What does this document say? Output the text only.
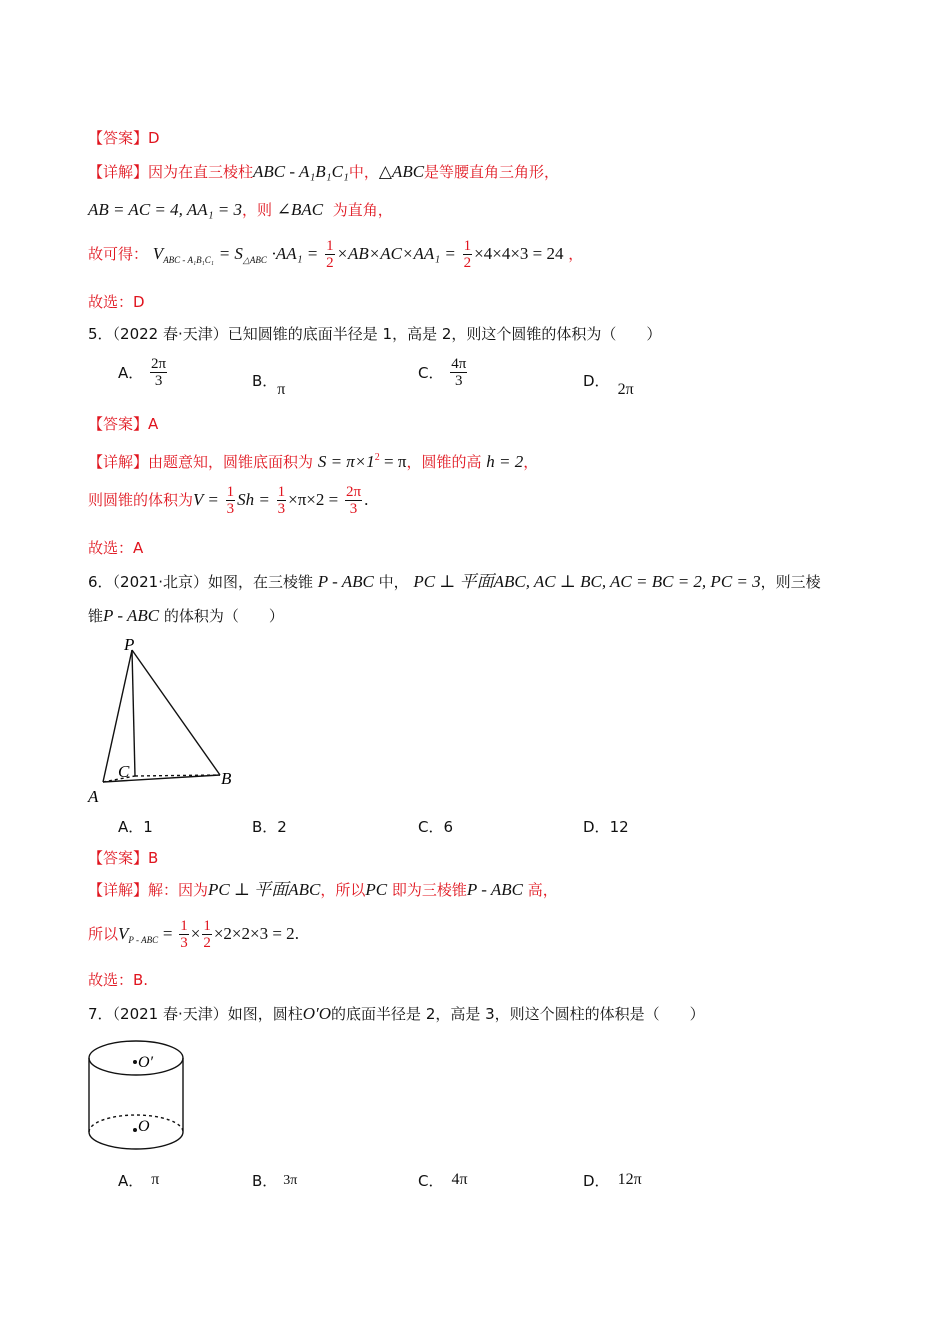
【答案】D
【详解】因为在直三棱柱ABC - A₁B₁C₁中，△ABC是等腰直角三角形，
AB = AC = 4, AA₁ = 3，则 ∠BAC 为直角，
故可得： $V_{ABC - A_1B_1C_1} = S_{\triangle ABC} \cdot AA_1 = \frac{1}{2} \times AB\times AC\times AA_1 = \frac{1}{2} \times 4\times 4\times 3 = 24$ ，
故选：D
5．（2022 春·天津）已知圆锥的底面半径是 1，高是 2，则这个圆锥的体积为（　　）
A． $\frac{2\pi}{3}$	B．π
C． $\frac{4\pi}{3}$	D． 2π
【答案】A
【详解】由题意知，圆锥底面积为 $S = \pi\times 1^2 = \pi$，圆锥的高 h = 2，
则圆锥的体积为$V = \frac{1}{3}$ $Sh = \frac{1}{3} \times\pi\times 2 = \frac{2\pi}{3}$ .
故选：A
6．（2021·北京）如图，在三棱锥 P - ABC 中， PC ⊥ 平面ABC, AC ⊥ BC, AC = BC = 2, PC = 3，则三棱
锥P - ABC 的体积为（　　）
P
A
B
C
A．1	B．2	C．6	D．12
【答案】B
【详解】解：因为PC ⊥ 平面ABC，所以PC 即为三棱锥P - ABC 高，
所以$V_{P - ABC} = \frac{1}{3} \times \frac{1}{2} \times 2\times 2\times 3 = 2$.
故选：B.
7．（2021 春·天津）如图，圆柱O′O的底面半径是 2，高是 3，则这个圆柱的体积是（　　）
O′
O
A． π	B． 3π	C． 4π	D． 12π
